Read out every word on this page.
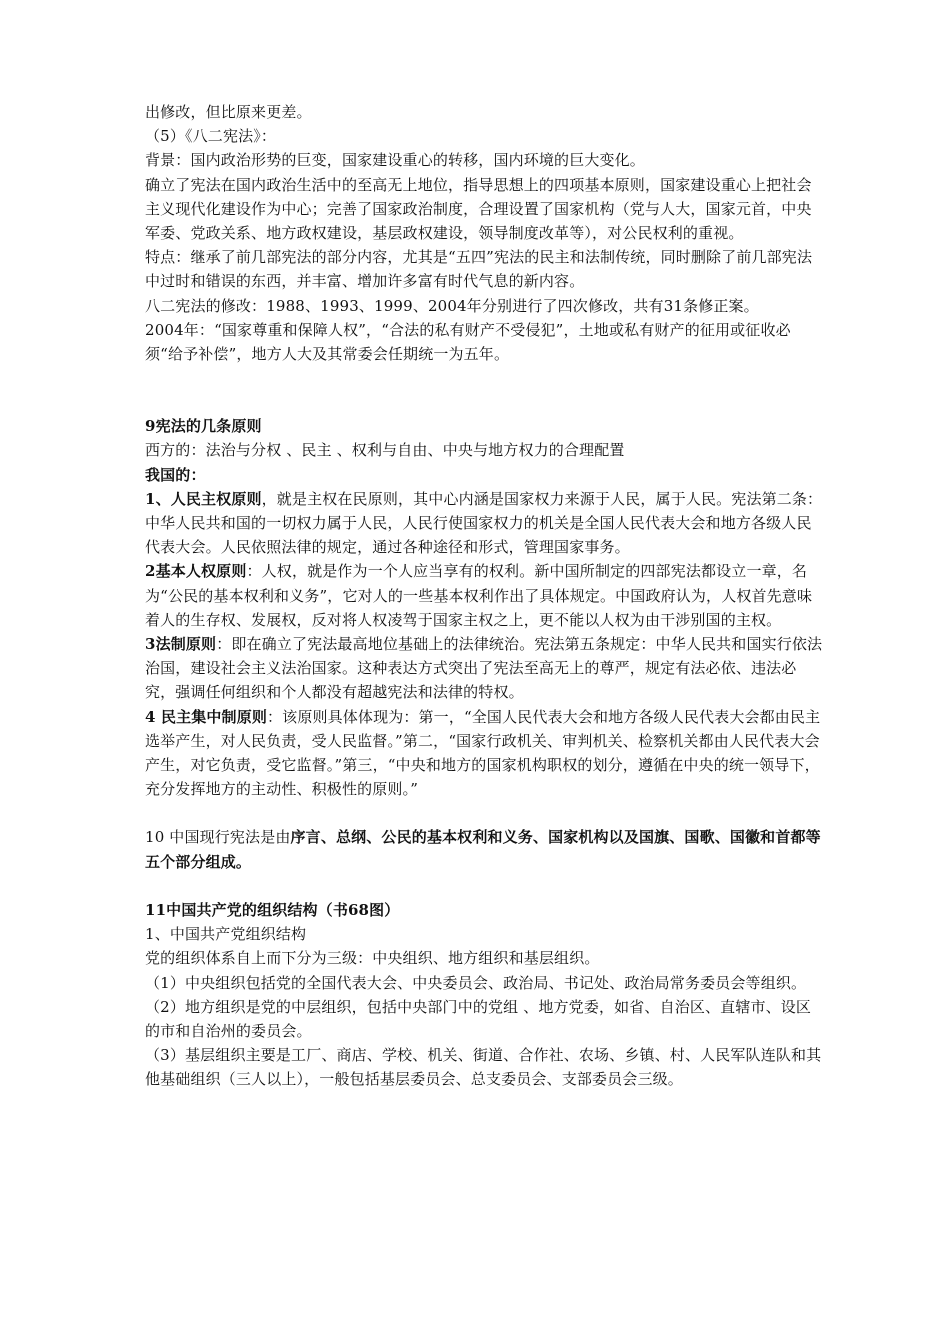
出修改，但比原来更差。

（5）《八二宪法》：

背景：国内政治形势的巨变，国家建设重心的转移，国内环境的巨大变化。

确立了宪法在国内政治生活中的至高无上地位，指导思想上的四项基本原则，国家建设重心上把社会主义现代化建设作为中心；完善了国家政治制度，合理设置了国家机构（党与人大，国家元首，中央军委、党政关系、地方政权建设，基层政权建设，领导制度改革等），对公民权利的重视。

特点：继承了前几部宪法的部分内容，尤其是“五四”宪法的民主和法制传统，同时删除了前几部宪法中过时和错误的东西，并丰富、增加许多富有时代气息的新内容。

八二宪法的修改：1988、1993、1999、2004年分别进行了四次修改，共有31条修正案。

2004年：“国家尊重和保障人权”，“合法的私有财产不受侵犯”，土地或私有财产的征用或征收必须“给予补偿”，地方人大及其常委会任期统一为五年。

9宪法的几条原则

西方的：法治与分权 、民主 、权利与自由、中央与地方权力的合理配置

我国的：

1、人民主权原则，就是主权在民原则，其中心内涵是国家权力来源于人民，属于人民。宪法第二条：中华人民共和国的一切权力属于人民，人民行使国家权力的机关是全国人民代表大会和地方各级人民代表大会。人民依照法律的规定，通过各种途径和形式，管理国家事务。

2基本人权原则：人权，就是作为一个人应当享有的权利。新中国所制定的四部宪法都设立一章，名为“公民的基本权利和义务”，它对人的一些基本权利作出了具体规定。中国政府认为，人权首先意味着人的生存权、发展权，反对将人权凌驾于国家主权之上，更不能以人权为由干涉别国的主权。

3法制原则：即在确立了宪法最高地位基础上的法律统治。宪法第五条规定：中华人民共和国实行依法治国，建设社会主义法治国家。这种表达方式突出了宪法至高无上的尊严，规定有法必依、违法必究，强调任何组织和个人都没有超越宪法和法律的特权。

4 民主集中制原则：该原则具体体现为：第一，“全国人民代表大会和地方各级人民代表大会都由民主选举产生，对人民负责，受人民监督。”第二，“国家行政机关、审判机关、检察机关都由人民代表大会产生，对它负责，受它监督。”第三，“中央和地方的国家机构职权的划分，遵循在中央的统一领导下，充分发挥地方的主动性、积极性的原则。”

10 中国现行宪法是由序言、总纲、公民的基本权利和义务、国家机构以及国旗、国歌、国徽和首都等五个部分组成。

11中国共产党的组织结构（书68图）

1、中国共产党组织结构

党的组织体系自上而下分为三级：中央组织、地方组织和基层组织。

（1）中央组织包括党的全国代表大会、中央委员会、政治局、书记处、政治局常务委员会等组织。

（2）地方组织是党的中层组织，包括中央部门中的党组 、地方党委，如省、自治区、直辖市、设区的市和自治州的委员会。

（3）基层组织主要是工厂、商店、学校、机关、街道、合作社、农场、乡镇、村、人民军队连队和其他基础组织（三人以上），一般包括基层委员会、总支委员会、支部委员会三级。
